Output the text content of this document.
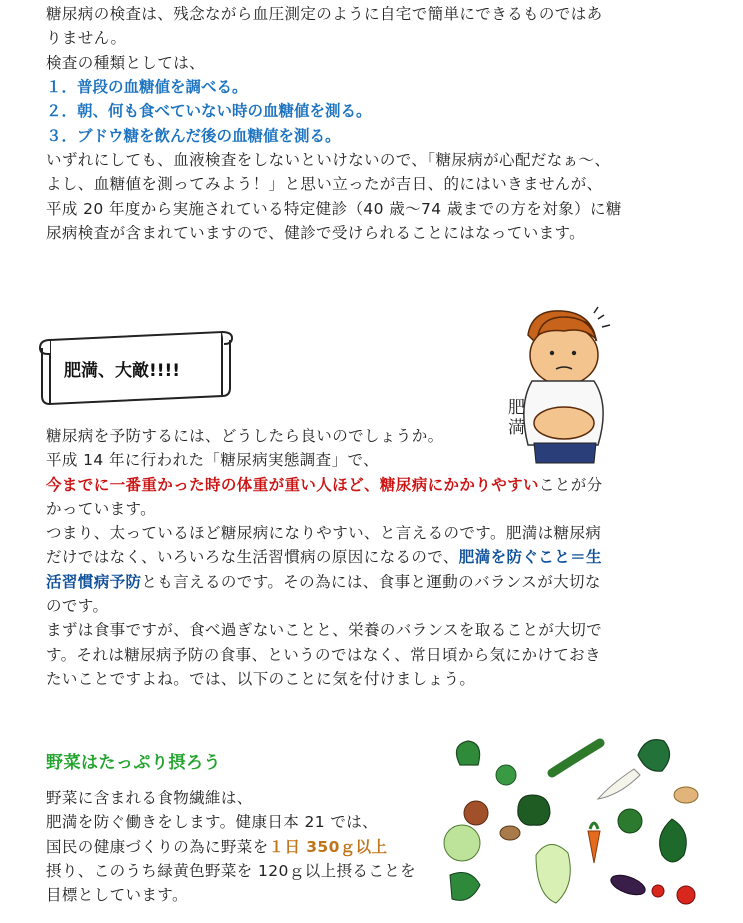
糖尿病の検査は、残念ながら血圧測定のように自宅で簡単にできるものではあ
りません。
検査の種類としては、

１．普段の血糖値を調べる。
２．朝、何も食べていない時の血糖値を測る。
３．ブドウ糖を飲んだ後の血糖値を測る。

いずれにしても、血液検査をしないといけないので、「糖尿病が心配だなぁ～、
よし、血糖値を測ってみよう！」と思い立ったが吉日、的にはいきませんが、
平成 20 年度から実施されている特定健診（40 歳～74 歳までの方を対象）に糖
尿病検査が含まれていますので、健診で受けられることにはなっています。

肥満、大敵!!!!
肥満

糖尿病を予防するには、どうしたら良いのでしょうか。
平成 14 年に行われた「糖尿病実態調査」で、
今までに一番重かった時の体重が重い人ほど、糖尿病にかかりやすいことが分
かっています。
つまり、太っているほど糖尿病になりやすい、と言えるのです。肥満は糖尿病
だけではなく、いろいろな生活習慣病の原因になるので、肥満を防ぐこと＝生
活習慣病予防とも言えるのです。その為には、食事と運動のバランスが大切な
のです。
まずは食事ですが、食べ過ぎないことと、栄養のバランスを取ることが大切で
す。それは糖尿病予防の食事、というのではなく、常日頃から気にかけておき
たいことですよね。では、以下のことに気を付けましょう。

野菜はたっぷり摂ろう

野菜に含まれる食物繊維は、
肥満を防ぐ働きをします。健康日本 21 では、
国民の健康づくりの為に野菜を１日 350ｇ以上
摂り、このうち緑黄色野菜を 120ｇ以上摂ることを
目標としています。
